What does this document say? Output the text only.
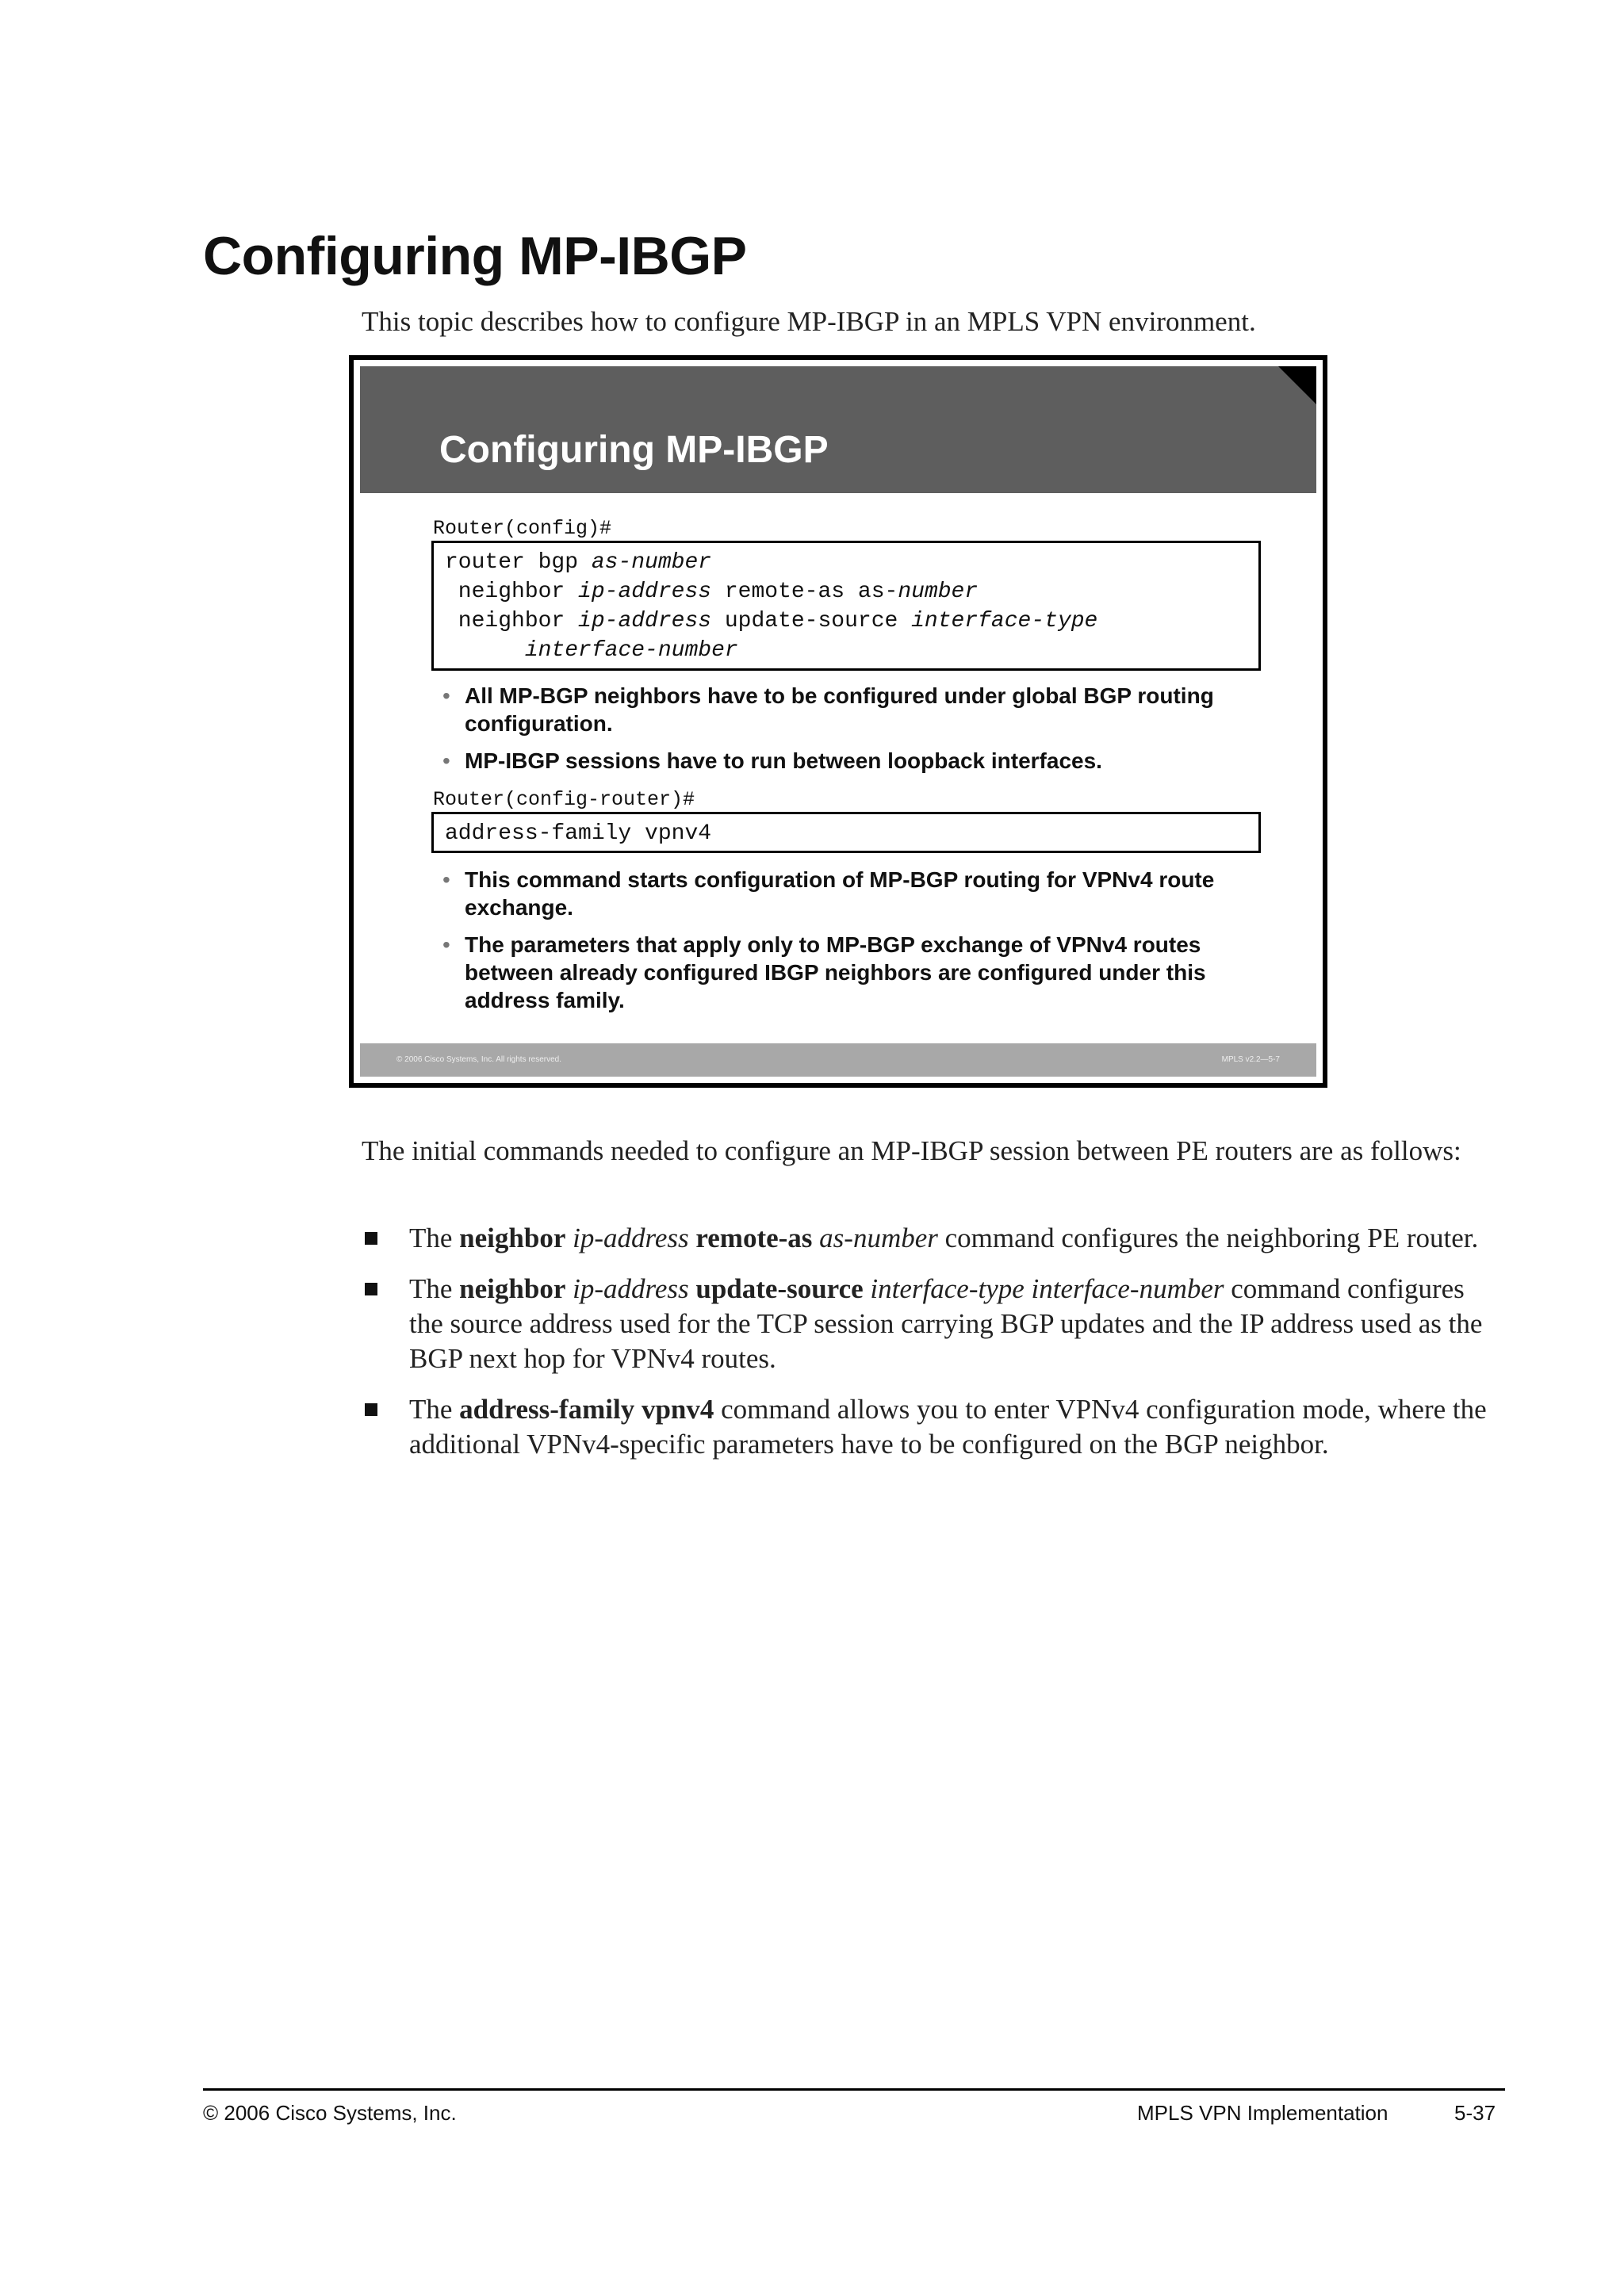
Configuring MP-IBGP

This topic describes how to configure MP-IBGP in an MPLS VPN environment.

Configuring MP-IBGP

Router(config)#

router bgp as-number
neighbor ip-address remote-as as-number
neighbor ip-address update-source interface-type
interface-number
• All MP-BGP neighbors have to be configured under global BGP routing configuration.
• MP-IBGP sessions have to run between loopback interfaces.

Router(config-router)#

address-family vpnv4
• This command starts configuration of MP-BGP routing for VPNv4 route exchange.
• The parameters that apply only to MP-BGP exchange of VPNv4 routes between already configured IBGP neighbors are configured under this address family.
© 2006 Cisco Systems, Inc. All rights reserved.	MPLS v2.2—5-7

The initial commands needed to configure an MP-IBGP session between PE routers are as follows:

The neighbor ip-address remote-as as-number command configures the neighboring PE router.
The neighbor ip-address update-source interface-type interface-number command configures the source address used for the TCP session carrying BGP updates and the IP address used as the BGP next hop for VPNv4 routes.
The address-family vpnv4 command allows you to enter VPNv4 configuration mode, where the additional VPNv4-specific parameters have to be configured on the BGP neighbor.

© 2006 Cisco Systems, Inc.	MPLS VPN Implementation	5-37
